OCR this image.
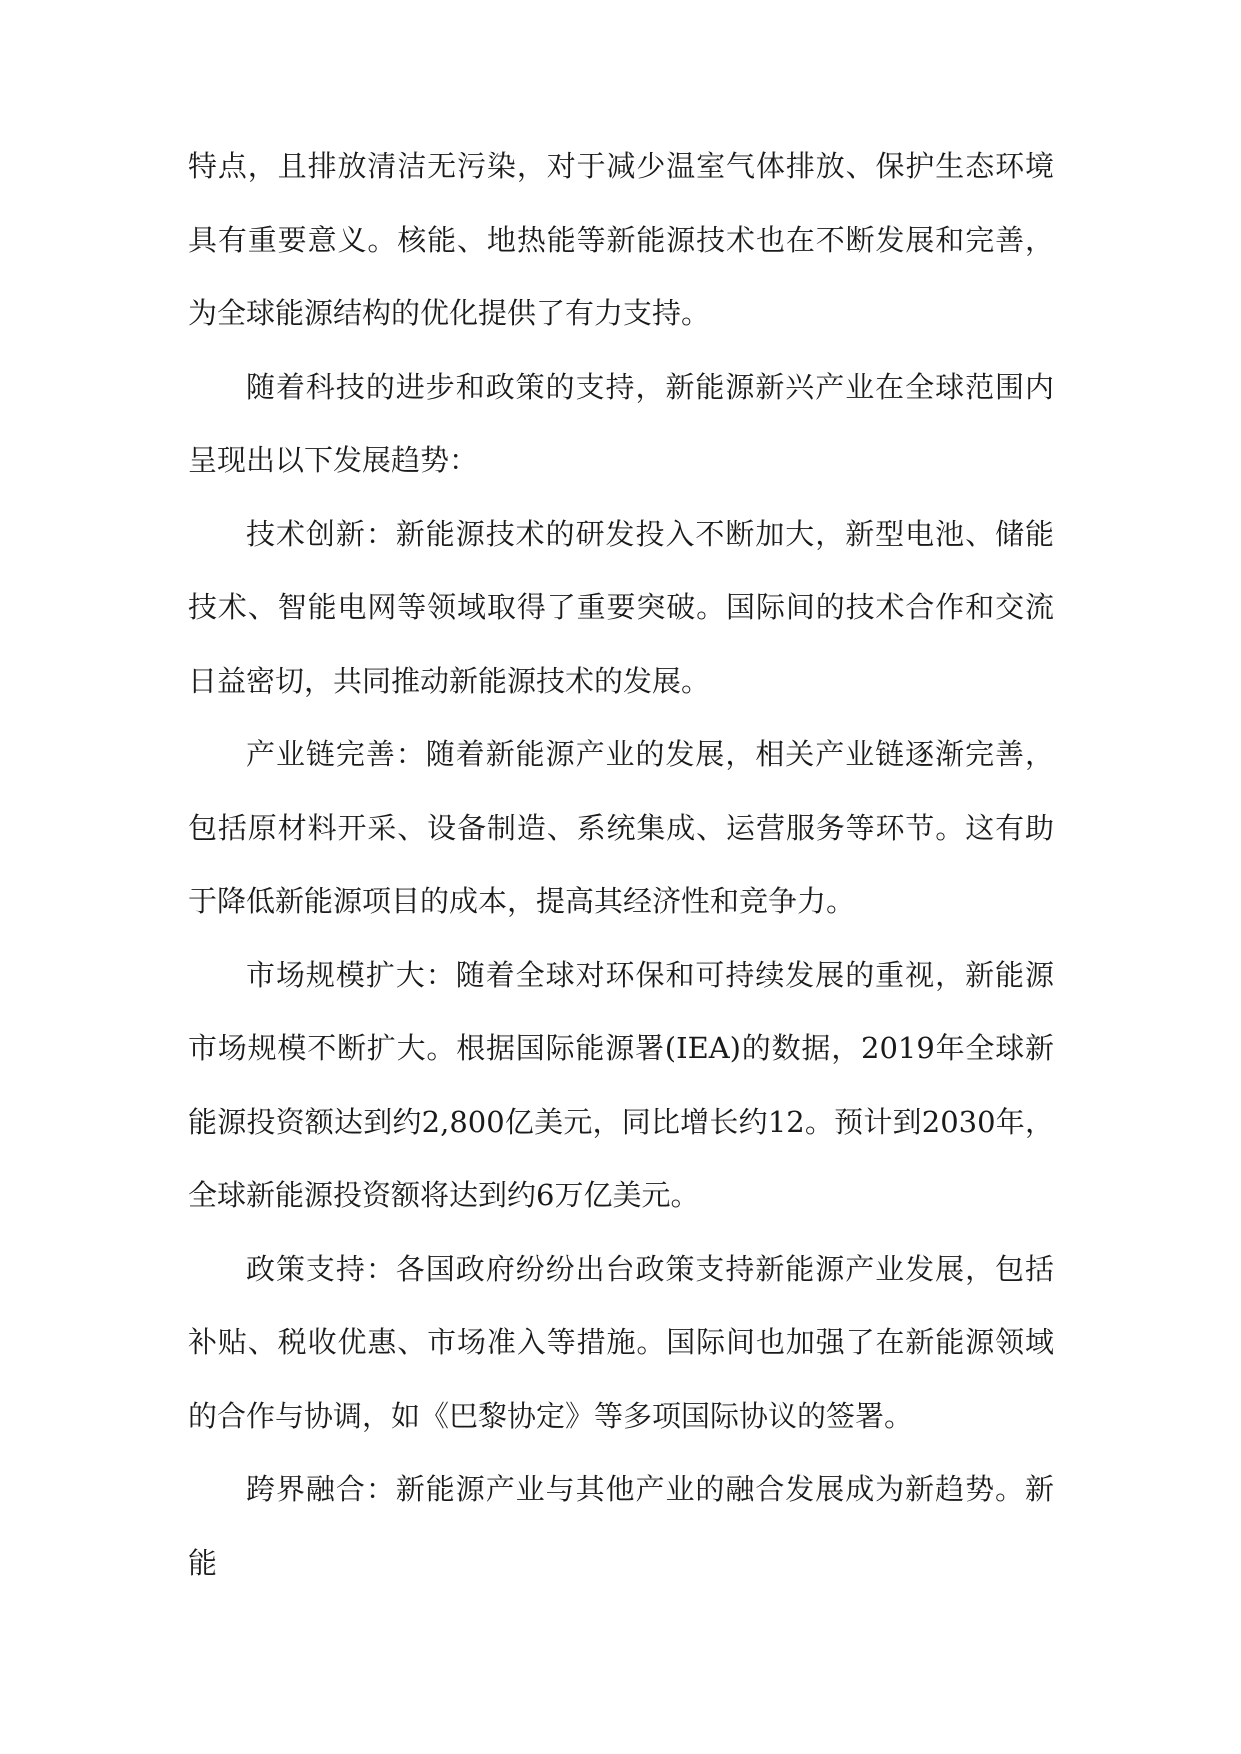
特点，且排放清洁无污染，对于减少温室气体排放、保护生态环境具有重要意义。核能、地热能等新能源技术也在不断发展和完善，为全球能源结构的优化提供了有力支持。

随着科技的进步和政策的支持，新能源新兴产业在全球范围内呈现出以下发展趋势：

技术创新：新能源技术的研发投入不断加大，新型电池、储能技术、智能电网等领域取得了重要突破。国际间的技术合作和交流日益密切，共同推动新能源技术的发展。

产业链完善：随着新能源产业的发展，相关产业链逐渐完善，包括原材料开采、设备制造、系统集成、运营服务等环节。这有助于降低新能源项目的成本，提高其经济性和竞争力。

市场规模扩大：随着全球对环保和可持续发展的重视，新能源市场规模不断扩大。根据国际能源署(IEA)的数据，2019年全球新能源投资额达到约2,800亿美元，同比增长约12。预计到2030年，全球新能源投资额将达到约6万亿美元。

政策支持：各国政府纷纷出台政策支持新能源产业发展，包括补贴、税收优惠、市场准入等措施。国际间也加强了在新能源领域的合作与协调，如《巴黎协定》等多项国际协议的签署。

跨界融合：新能源产业与其他产业的融合发展成为新趋势。新能
